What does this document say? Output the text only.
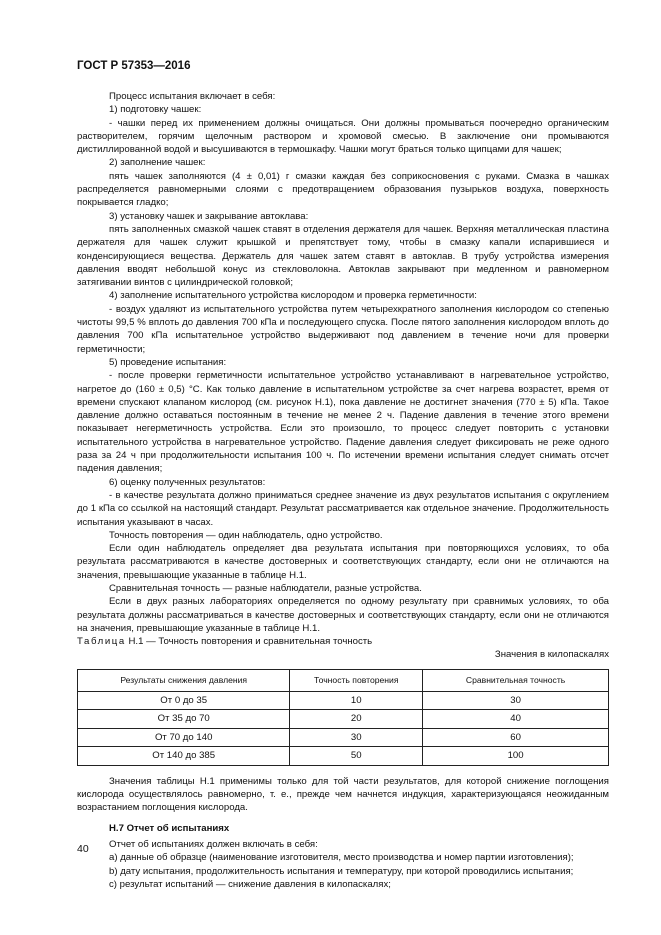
ГОСТ Р 57353—2016

Процесс испытания включает в себя:

1) подготовку чашек:

- чашки перед их применением должны очищаться. Они должны промываться поочередно органическим растворителем, горячим щелочным раствором и хромовой смесью. В заключение они промываются дистиллированной водой и высушиваются в термошкафу. Чашки могут браться только щипцами для чашек;

2) заполнение чашек:

пять чашек заполняются (4 ± 0,01) г смазки каждая без соприкосновения с руками. Смазка в чашках распределяется равномерными слоями с предотвращением образования пузырьков воздуха, поверхность покрывается гладко;

3) установку чашек и закрывание автоклава:

пять заполненных смазкой чашек ставят в отделения держателя для чашек. Верхняя металлическая пластина держателя для чашек служит крышкой и препятствует тому, чтобы в смазку капали испарившиеся и конденсирующиеся вещества. Держатель для чашек затем ставят в автоклав. В трубу устройства измерения давления вводят небольшой конус из стекловолокна. Автоклав закрывают при медленном и равномерном затягивании винтов с цилиндрической головкой;

4) заполнение испытательного устройства кислородом и проверка герметичности:

- воздух удаляют из испытательного устройства путем четырехкратного заполнения кислородом со степенью чистоты 99,5 % вплоть до давления 700 кПа и последующего спуска. После пятого заполнения кислородом вплоть до давления 700 кПа испытательное устройство выдерживают под давлением в течение ночи для проверки герметичности;

5) проведение испытания:

- после проверки герметичности испытательное устройство устанавливают в нагревательное устройство, нагретое до (160 ± 0,5) °С. Как только давление в испытательном устройстве за счет нагрева возрастет, время от времени спускают клапаном кислород (см. рисунок Н.1), пока давление не достигнет значения (770 ± 5) кПа. Такое давление должно оставаться постоянным в течение не менее 2 ч. Падение давления в течение этого времени показывает негерметичность устройства. Если это произошло, то процесс следует повторить с установки испытательного устройства в нагревательное устройство. Падение давления следует фиксировать не реже одного раза за 24 ч при продолжительности испытания 100 ч. По истечении времени испытания следует снимать отсчет падения давления;

6) оценку полученных результатов:

- в качестве результата должно приниматься среднее значение из двух результатов испытания с округлением до 1 кПа со ссылкой на настоящий стандарт. Результат рассматривается как отдельное значение. Продолжительность испытания указывают в часах.

Точность повторения — один наблюдатель, одно устройство.

Если один наблюдатель определяет два результата испытания при повторяющихся условиях, то оба результата рассматриваются в качестве достоверных и соответствующих стандарту, если они не отличаются на значения, превышающие указанные в таблице Н.1.

Сравнительная точность — разные наблюдатели, разные устройства.

Если в двух разных лабораториях определяется по одному результату при сравнимых условиях, то оба результата должны рассматриваться в качестве достоверных и соответствующих стандарту, если они не отличаются на значения, превышающие указанные в таблице Н.1.

Таблица Н.1 — Точность повторения и сравнительная точность

Значения в килопаскалях

Результаты снижения давления	Точность повторения	Сравнительная точность
От 0 до 35	10	30
От 35 до 70	20	40
От 70 до 140	30	60
От 140 до 385	50	100

Значения таблицы Н.1 применимы только для той части результатов, для которой снижение поглощения кислорода осуществлялось равномерно, т. е., прежде чем начнется индукция, характеризующаяся неожиданным возрастанием поглощения кислорода.

Н.7 Отчет об испытаниях

Отчет об испытаниях должен включать в себя:

a) данные об образце (наименование изготовителя, место производства и номер партии изготовления);

b) дату испытания, продолжительность испытания и температуру, при которой проводились испытания;

c) результат испытаний — снижение давления в килопаскалях;

40
